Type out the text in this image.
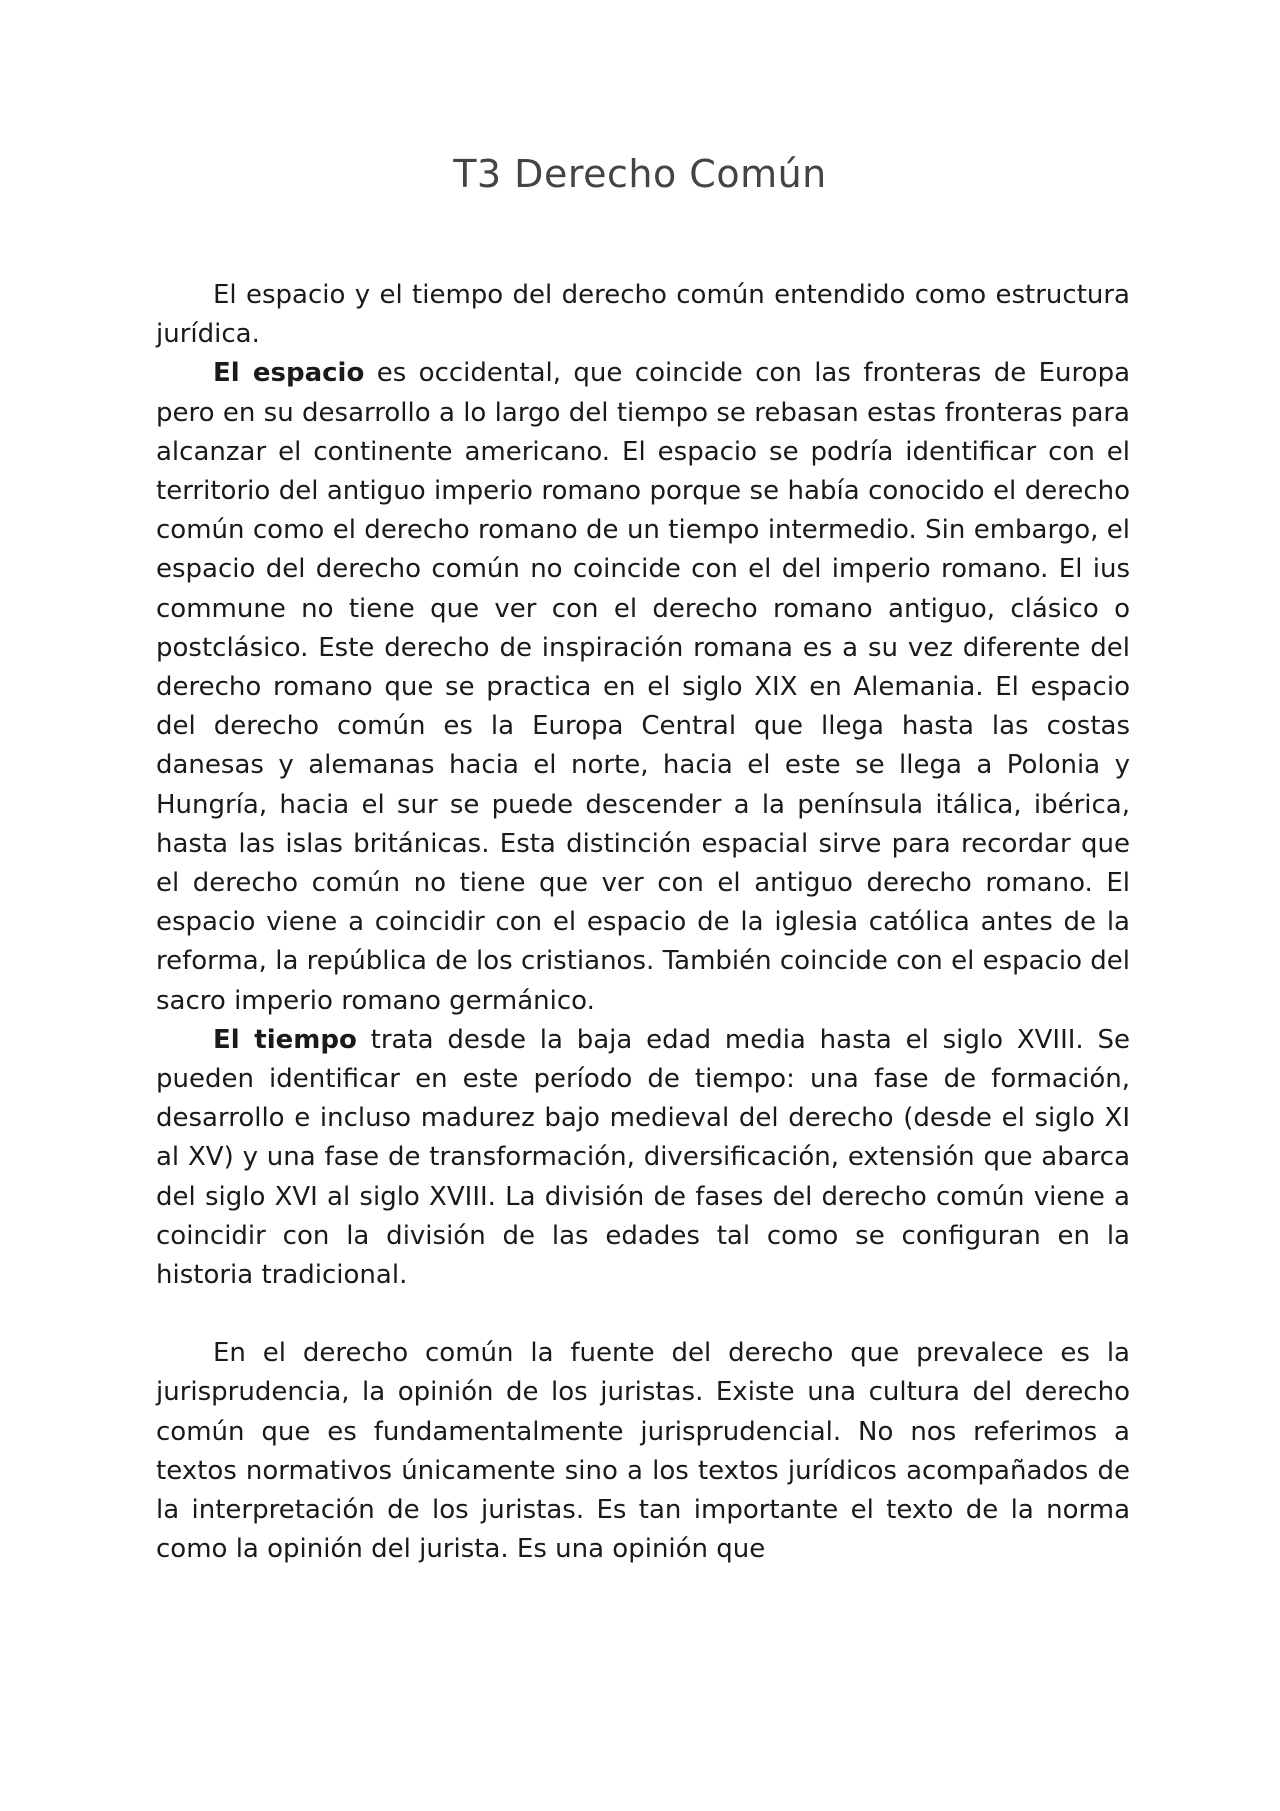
T3 Derecho Común

El espacio y el tiempo del derecho común entendido como estructura jurídica.

El espacio es occidental, que coincide con las fronteras de Europa pero en su desarrollo a lo largo del tiempo se rebasan estas fronteras para alcanzar el continente americano. El espacio se podría identificar con el territorio del antiguo imperio romano porque se había conocido el derecho común como el derecho romano de un tiempo intermedio. Sin embargo, el espacio del derecho común no coincide con el del imperio romano. El ius commune no tiene que ver con el derecho romano antiguo, clásico o postclásico. Este derecho de inspiración romana es a su vez diferente del derecho romano que se practica en el siglo XIX en Alemania. El espacio del derecho común es la Europa Central que llega hasta las costas danesas y alemanas hacia el norte, hacia el este se llega a Polonia y Hungría, hacia el sur se puede descender a la península itálica, ibérica, hasta las islas británicas. Esta distinción espacial sirve para recordar que el derecho común no tiene que ver con el antiguo derecho romano. El espacio viene a coincidir con el espacio de la iglesia católica antes de la reforma, la república de los cristianos. También coincide con el espacio del sacro imperio romano germánico.

El tiempo trata desde la baja edad media hasta el siglo XVIII. Se pueden identificar en este período de tiempo: una fase de formación, desarrollo e incluso madurez bajo medieval del derecho (desde el siglo XI al XV) y una fase de transformación, diversificación, extensión que abarca del siglo XVI al siglo XVIII. La división de fases del derecho común viene a coincidir con la división de las edades tal como se configuran en la historia tradicional.

En el derecho común la fuente del derecho que prevalece es la jurisprudencia, la opinión de los juristas. Existe una cultura del derecho común que es fundamentalmente jurisprudencial. No nos referimos a textos normativos únicamente sino a los textos jurídicos acompañados de la interpretación de los juristas. Es tan importante el texto de la norma como la opinión del jurista. Es una opinión que
